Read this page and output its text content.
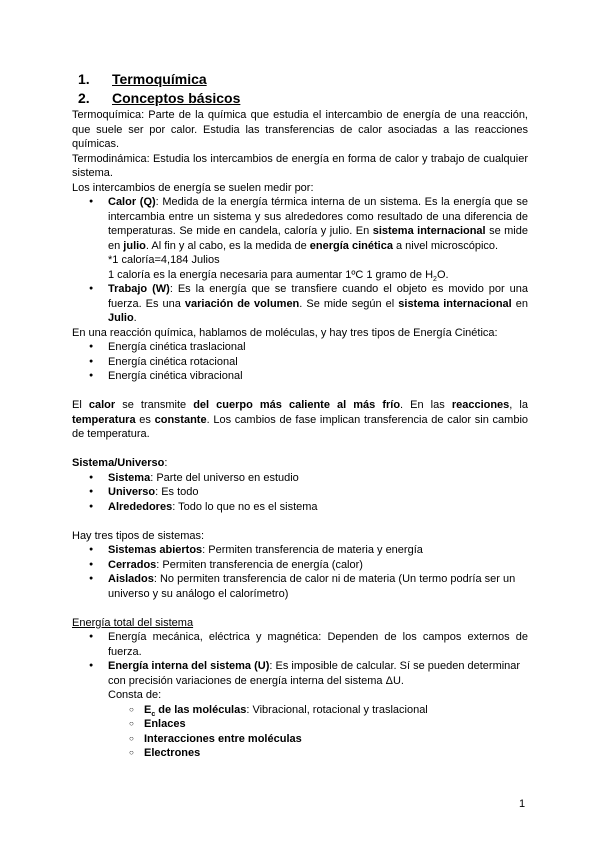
1.	Termoquímica
2.	Conceptos básicos

Termoquímica: Parte de la química que estudia el intercambio de energía de una reacción, que suele ser por calor. Estudia las transferencias de calor asociadas a las reacciones químicas.

Termodinámica: Estudia los intercambios de energía en forma de calor y trabajo de cualquier sistema.

Los intercambios de energía se suelen medir por:

● Calor (Q): Medida de la energía térmica interna de un sistema. Es la energía que se intercambia entre un sistema y sus alrededores como resultado de una diferencia de temperaturas. Se mide en candela, caloría y julio. En sistema internacional se mide en julio. Al fin y al cabo, es la medida de energía cinética a nivel microscópico.
*1 caloría=4,184 Julios
1 caloría es la energía necesaria para aumentar 1ºC 1 gramo de $H_2O$.
● Trabajo (W): Es la energía que se transfiere cuando el objeto es movido por una fuerza. Es una variación de volumen. Se mide según el sistema internacional en Julio.

En una reacción química, hablamos de moléculas, y hay tres tipos de Energía Cinética:

● Energía cinética traslacional
● Energía cinética rotacional
● Energía cinética vibracional

El calor se transmite del cuerpo más caliente al más frío. En las reacciones, la temperatura es constante. Los cambios de fase implican transferencia de calor sin cambio de temperatura.

Sistema/Universo:

● Sistema: Parte del universo en estudio
● Universo: Es todo
● Alrededores: Todo lo que no es el sistema

Hay tres tipos de sistemas:

● Sistemas abiertos: Permiten transferencia de materia y energía
● Cerrados: Permiten transferencia de energía (calor)
● Aislados: No permiten transferencia de calor ni de materia (Un termo podría ser un universo y su análogo el calorímetro)

Energía total del sistema

● Energía mecánica, eléctrica y magnética: Dependen de los campos externos de fuerza.
● Energía interna del sistema (U): Es imposible de calcular. Sí se pueden determinar con precisión variaciones de energía interna del sistema ΔU.
Consta de:
○ $E_c$ de las moléculas: Vibracional, rotacional y traslacional
○ Enlaces
○ Interacciones entre moléculas
○ Electrones
1
